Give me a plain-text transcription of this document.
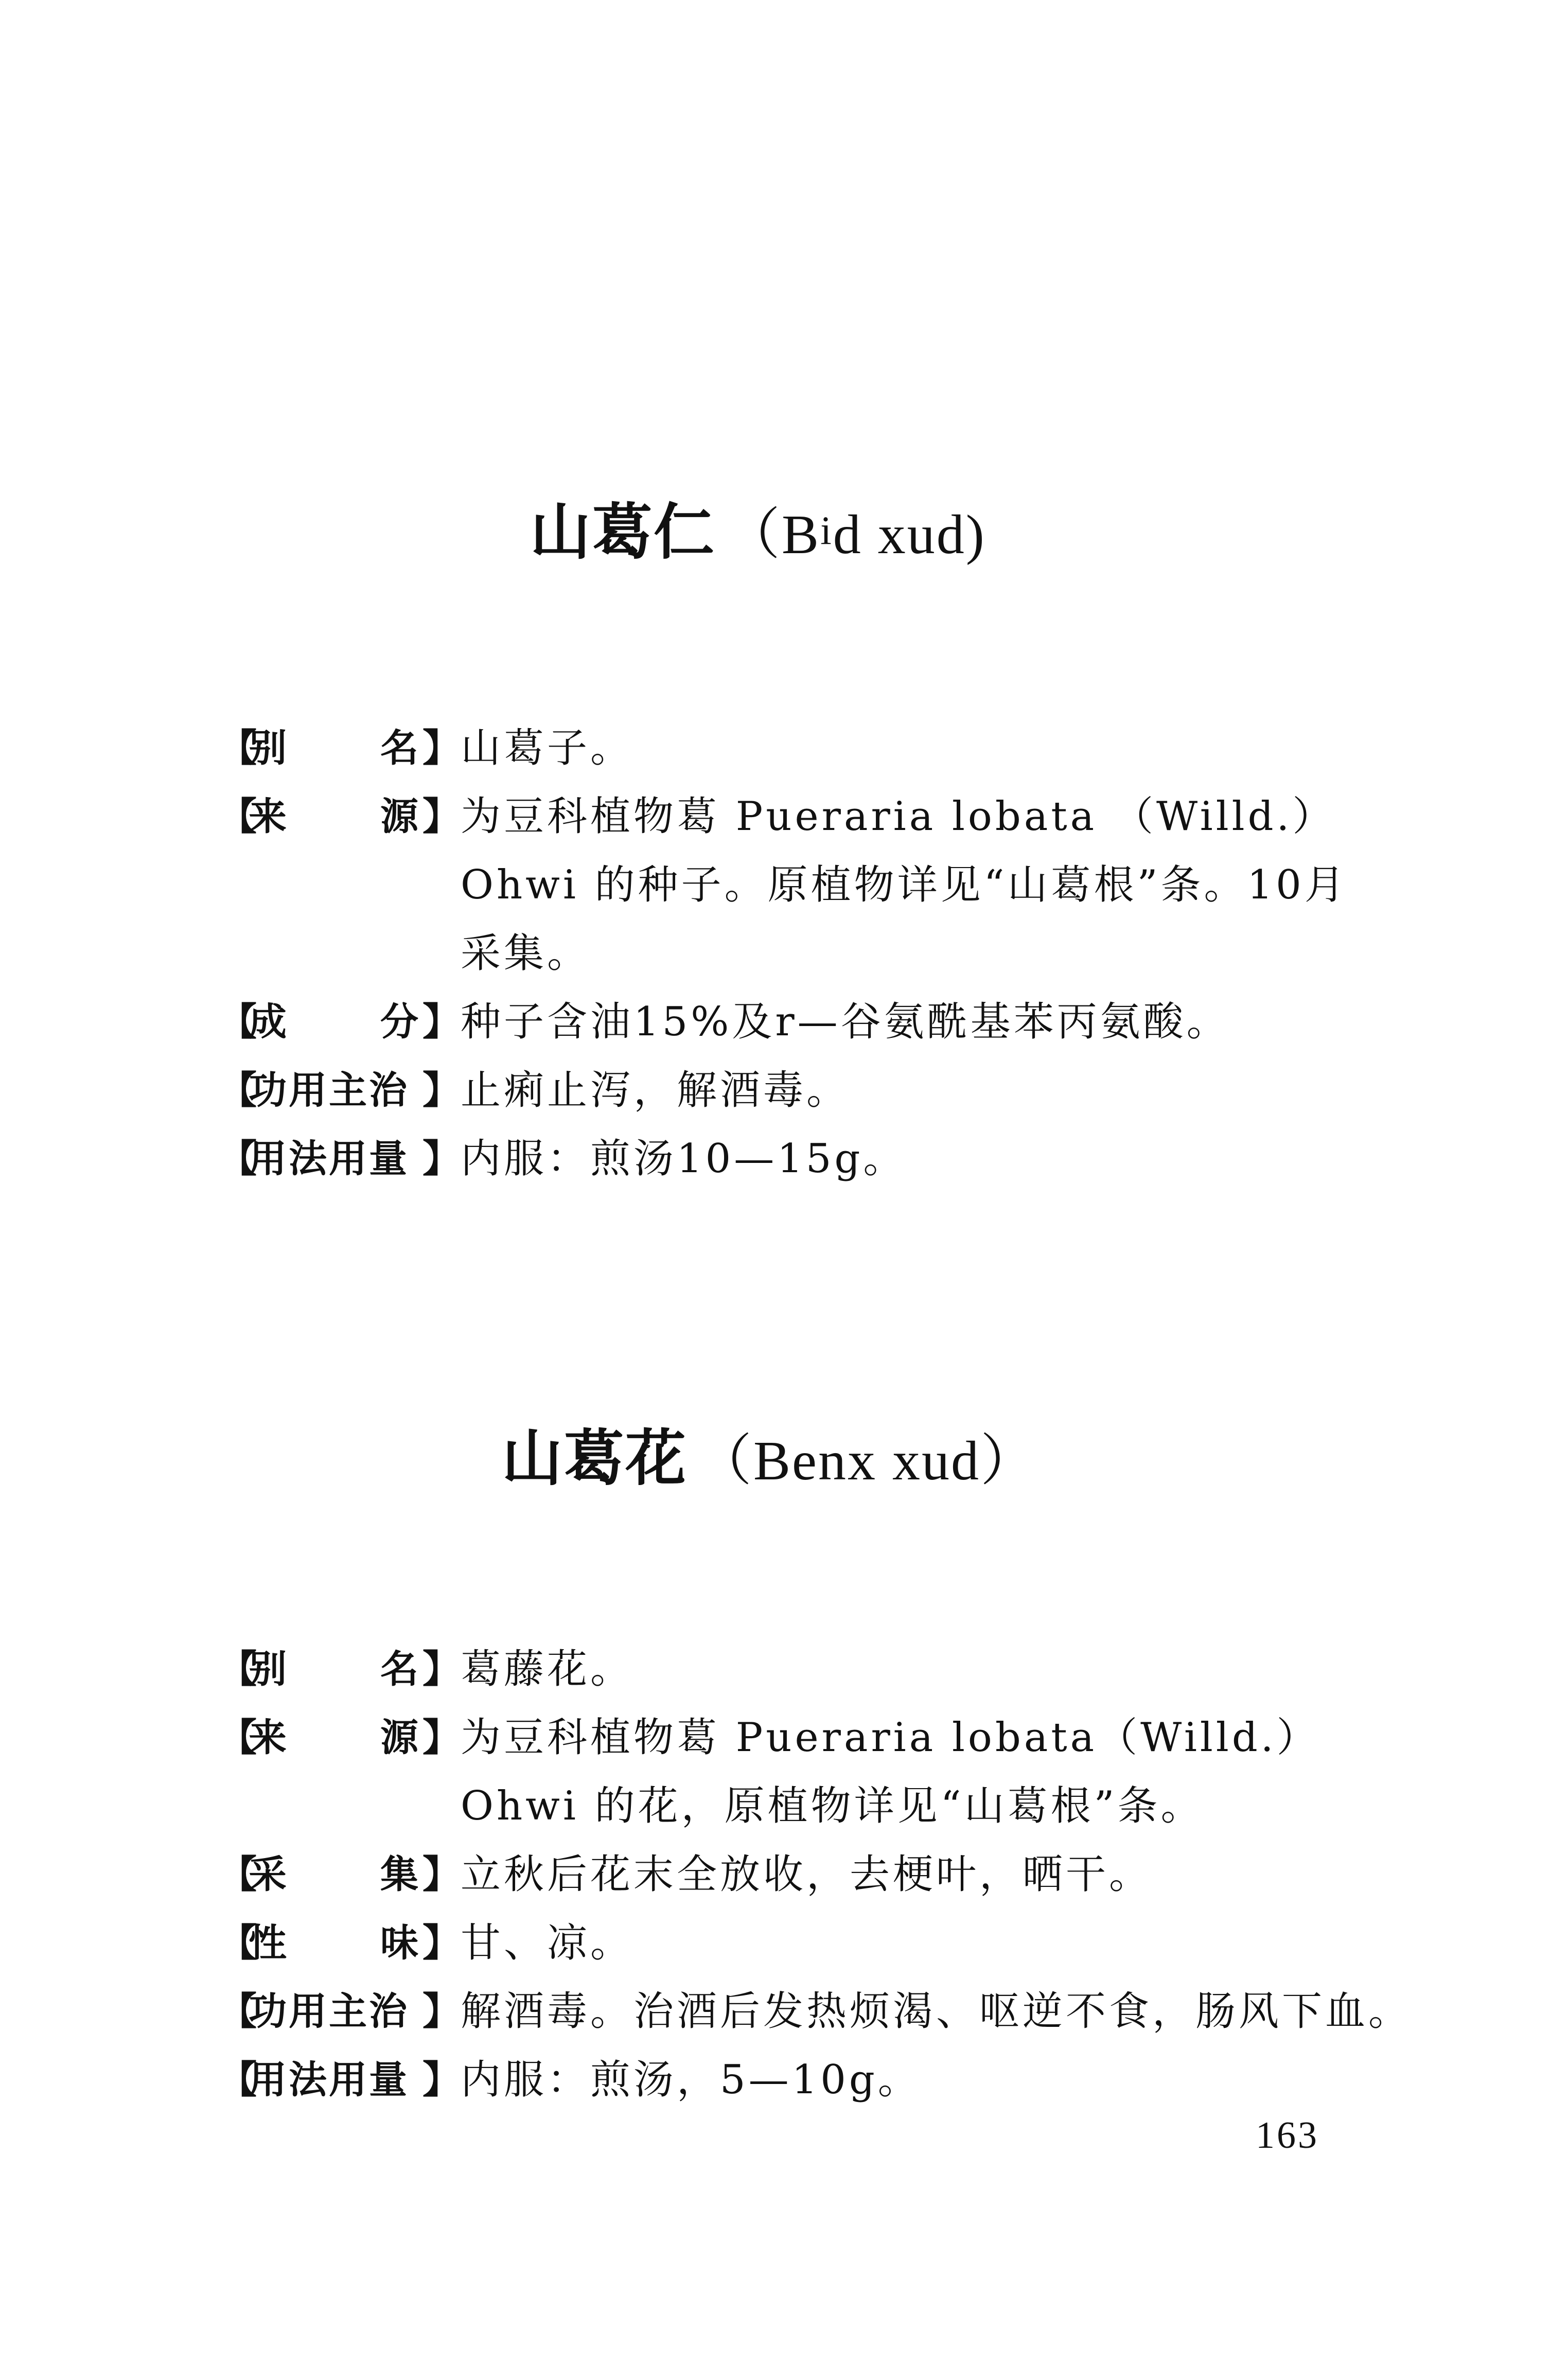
山葛仁 （Bid xud)
【
别 名 】 山葛子。
【
来 源 】 为豆科植物葛 Pueraria lobata （Willd.）
Ohwi 的种子。原植物详见“山葛根”条。10月
采集。
【
成 分 】 种子含油15%及r—谷氨酰基苯丙氨酸。
【
功用主治 】 止痢止泻，解酒毒。
【
用法用量 】 内服：煎汤10—15g。
山葛花 （Benx xud）
【
别 名 】 葛藤花。
【
来 源 】 为豆科植物葛 Pueraria lobata（Willd.）
Ohwi 的花，原植物详见“山葛根”条。
【
采 集 】 立秋后花末全放收，去梗叶，晒干。
【
性 味 】 甘、凉。
【
功用主治 】 解酒毒。治酒后发热烦渴、呕逆不食，肠风下血。
【
用法用量 】 内服：煎汤，5—10g。
163
